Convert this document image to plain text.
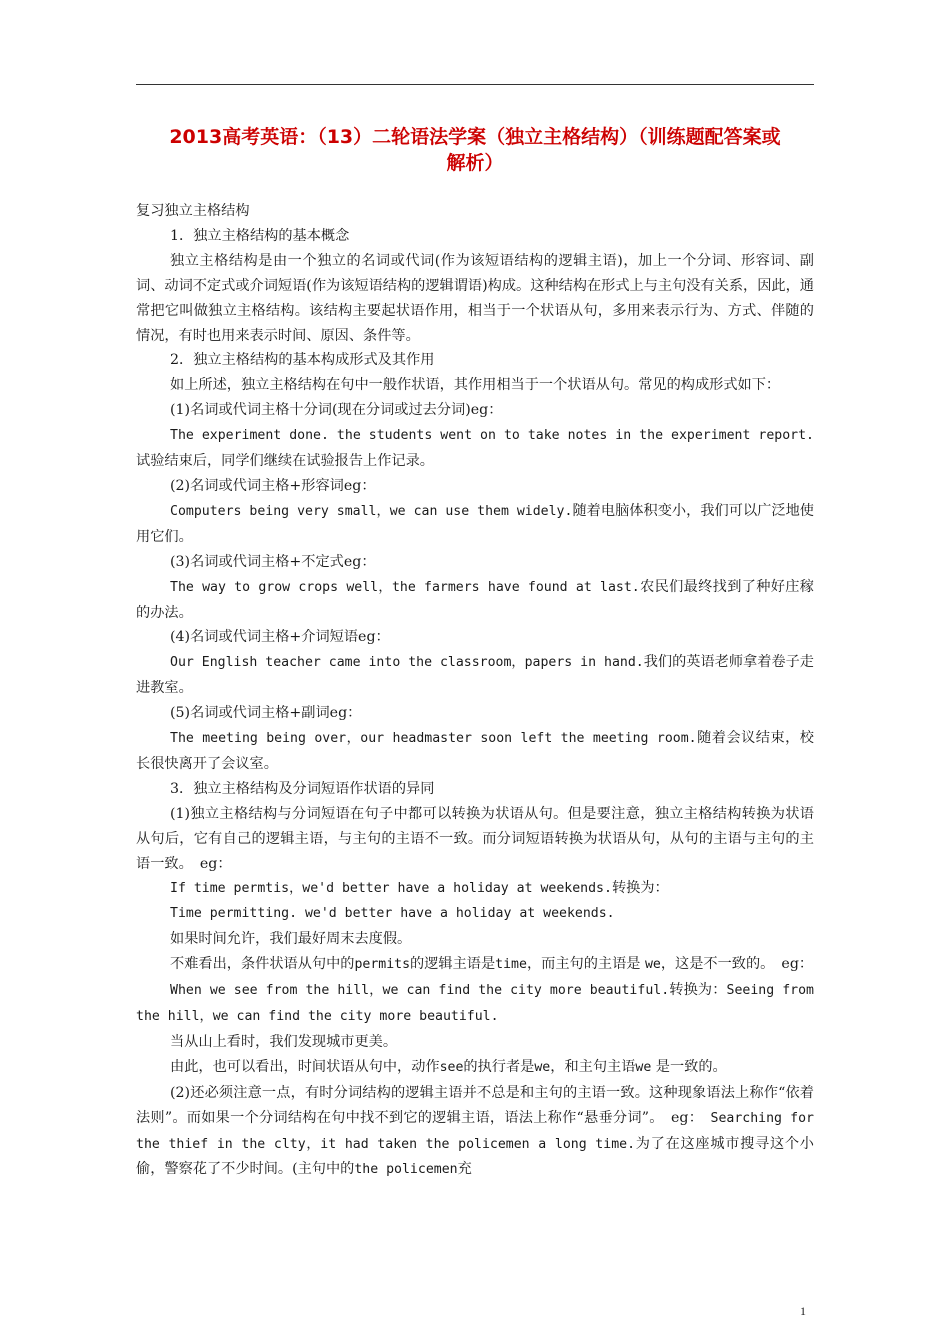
2013高考英语：（13）二轮语法学案（独立主格结构）（训练题配答案或
解析）

复习独立主格结构

1．独立主格结构的基本概念

独立主格结构是由一个独立的名词或代词(作为该短语结构的逻辑主语)，加上一个分词、形容词、副词、动词不定式或介词短语(作为该短语结构的逻辑谓语)构成。这种结构在形式上与主句没有关系，因此，通常把它叫做独立主格结构。该结构主要起状语作用，相当于一个状语从句，多用来表示行为、方式、伴随的情况，有时也用来表示时间、原因、条件等。

2．独立主格结构的基本构成形式及其作用

如上所述，独立主格结构在句中一般作状语，其作用相当于一个状语从句。常见的构成形式如下：

(1)名词或代词主格十分词(现在分词或过去分词)eg：

The experiment done. the students went on to take notes in the experiment report.试验结束后，同学们继续在试验报告上作记录。

(2)名词或代词主格+形容词eg：

Computers being very small，we can use them widely.随着电脑体积变小，我们可以广泛地使用它们。

(3)名词或代词主格+不定式eg：

The way to grow crops well，the farmers have found at last.农民们最终找到了种好庄稼的办法。

(4)名词或代词主格+介词短语eg：

Our English teacher came into the classroom，papers in hand.我们的英语老师拿着卷子走进教室。

(5)名词或代词主格+副词eg：

The meeting being over，our headmaster soon left the meeting room.随着会议结束，校长很快离开了会议室。

3．独立主格结构及分词短语作状语的异同

(1)独立主格结构与分词短语在句子中都可以转换为状语从句。但是要注意，独立主格结构转换为状语从句后，它有自己的逻辑主语，与主句的主语不一致。而分词短语转换为状语从句，从句的主语与主句的主语一致。　eg：

If time permtis，we'd better have a holiday at weekends.转换为：

Time permitting. we'd better have a holiday at weekends.

如果时间允许，我们最好周末去度假。

不难看出，条件状语从句中的permits的逻辑主语是time，而主句的主语是 we，这是不一致的。　eg：

When we see from the hill，we can find the city more beautiful.转换为：Seeing from the hill，we can find the city more beautiful.

当从山上看时，我们发现城市更美。

由此，也可以看出，时间状语从句中，动作see的执行者是we，和主句主语we 是一致的。

(2)还必须注意一点，有时分词结构的逻辑主语并不总是和主句的主语一致。这种现象语法上称作“依着法则”。而如果一个分词结构在句中找不到它的逻辑主语，语法上称作“悬垂分词”。　eg：　Searching for the thief in the clty，it had taken the policemen a long time.为了在这座城市搜寻这个小偷，警察花了不少时间。(主句中的the policemen充

1
